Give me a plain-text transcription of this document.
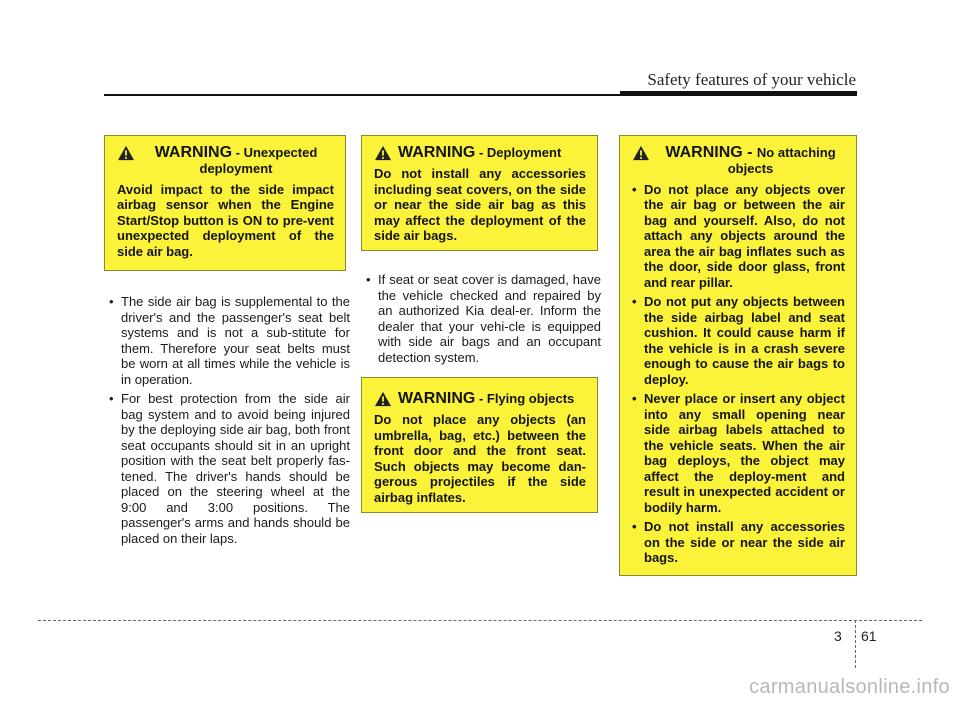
Safety features of your vehicle
WARNING - Unexpected deployment
Avoid impact to the side impact airbag sensor when the Engine Start/Stop button is ON to pre-vent unexpected deployment of the side air bag.
WARNING - Deployment
Do not install any accessories including seat covers, on the side or near the side air bag as this may affect the deployment of the side air bags.
WARNING - Flying objects
Do not place any objects (an umbrella, bag, etc.) between the front door and the front seat. Such objects may become dan-gerous projectiles if the side airbag inflates.
WARNING - No attaching objects
• Do not place any objects over the air bag or between the air bag and yourself. Also, do not attach any objects around the area the air bag inflates such as the door, side door glass, front and rear pillar.
• Do not put any objects between the side airbag label and seat cushion. It could cause harm if the vehicle is in a crash severe enough to cause the air bags to deploy.
• Never place or insert any object into any small opening near side airbag labels attached to the vehicle seats. When the air bag deploys, the object may affect the deploy-ment and result in unexpected accident or bodily harm.
• Do not install any accessories on the side or near the side air bags.
• The side air bag is supplemental to the driver's and the passenger's seat belt systems and is not a sub-stitute for them. Therefore your seat belts must be worn at all times while the vehicle is in operation.
• For best protection from the side air bag system and to avoid being injured by the deploying side air bag, both front seat occupants should sit in an upright position with the seat belt properly fas-tened. The driver's hands should be placed on the steering wheel at the 9:00 and 3:00 positions. The passenger's arms and hands should be placed on their laps.
• If seat or seat cover is damaged, have the vehicle checked and repaired by an authorized Kia deal-er. Inform the dealer that your vehi-cle is equipped with side air bags and an occupant detection system.
3 61
carmanualsonline.info
